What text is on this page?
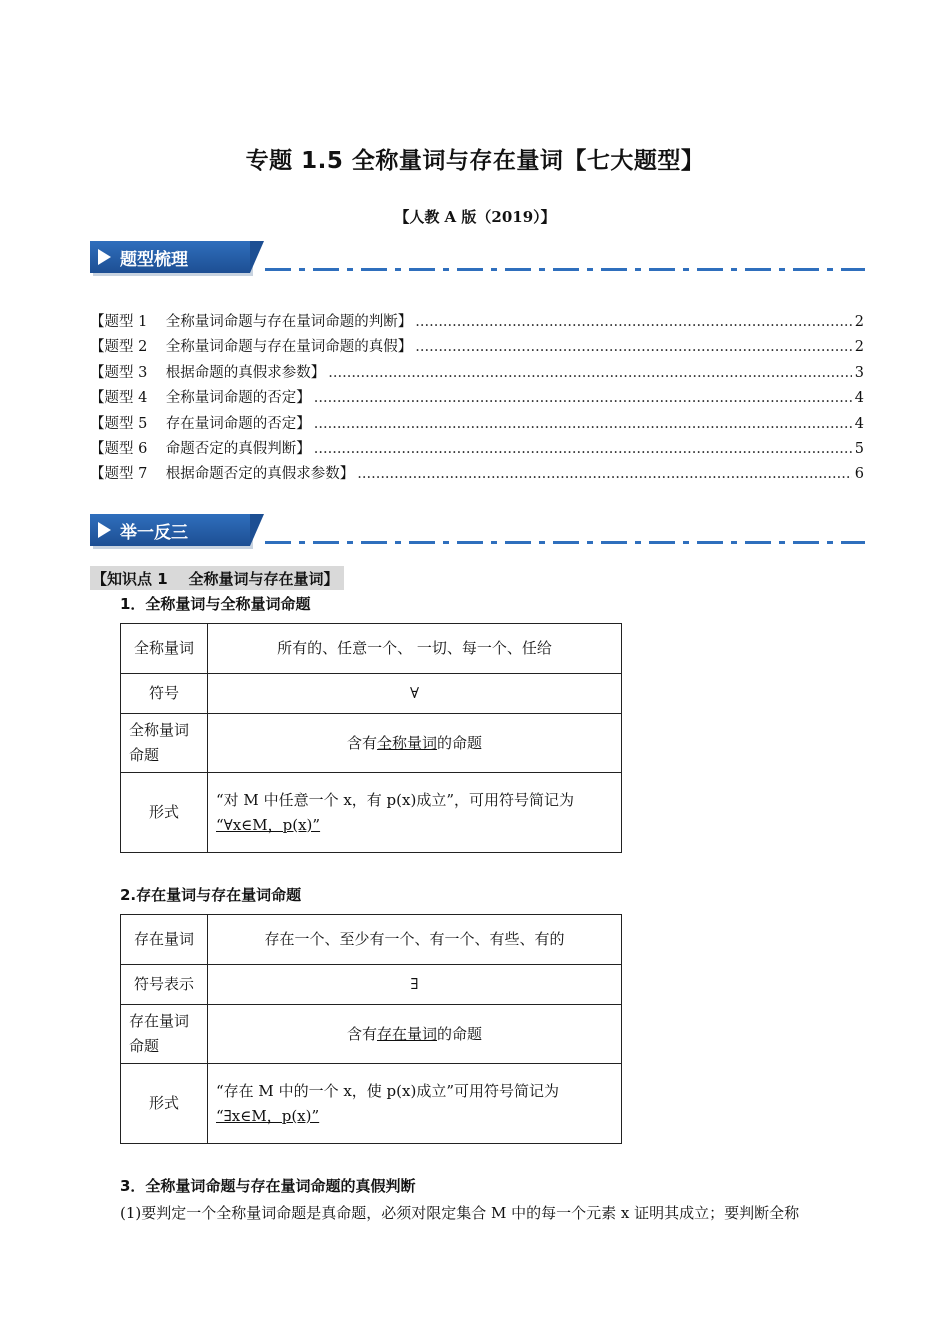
专题 1.5 全称量词与存在量词【七大题型】
【人教 A 版（2019）】
题型梳理
【题型 1    全称量词命题与存在量词命题的判断】 .....	2
【题型 2    全称量词命题与存在量词命题的真假】 .....	2
【题型 3    根据命题的真假求参数】 .....	3
【题型 4    全称量词命题的否定】 .....	4
【题型 5    存在量词命题的否定】 .....	4
【题型 6    命题否定的真假判断】 .....	5
【题型 7    根据命题否定的真假求参数】 .....	6
举一反三
【知识点 1    全称量词与存在量词】
1．全称量词与全称量词命题
全称量词	所有的、任意一个、 一切、每一个、任给
符号	∀
全称量词命题	含有全称量词的命题
形式	“对 M 中任意一个 x，有 p(x)成立”，可用符号简记为
“∀x∈M，p(x)”
2.存在量词与存在量词命题
存在量词	存在一个、至少有一个、有一个、有些、有的
符号表示	∃
存在量词命题	含有存在量词的命题
形式	“存在 M 中的一个 x，使 p(x)成立”可用符号简记为
“∃x∈M，p(x)”
3．全称量词命题与存在量词命题的真假判断
(1)要判定一个全称量词命题是真命题，必须对限定集合 M 中的每一个元素 x 证明其成立；要判断全称
